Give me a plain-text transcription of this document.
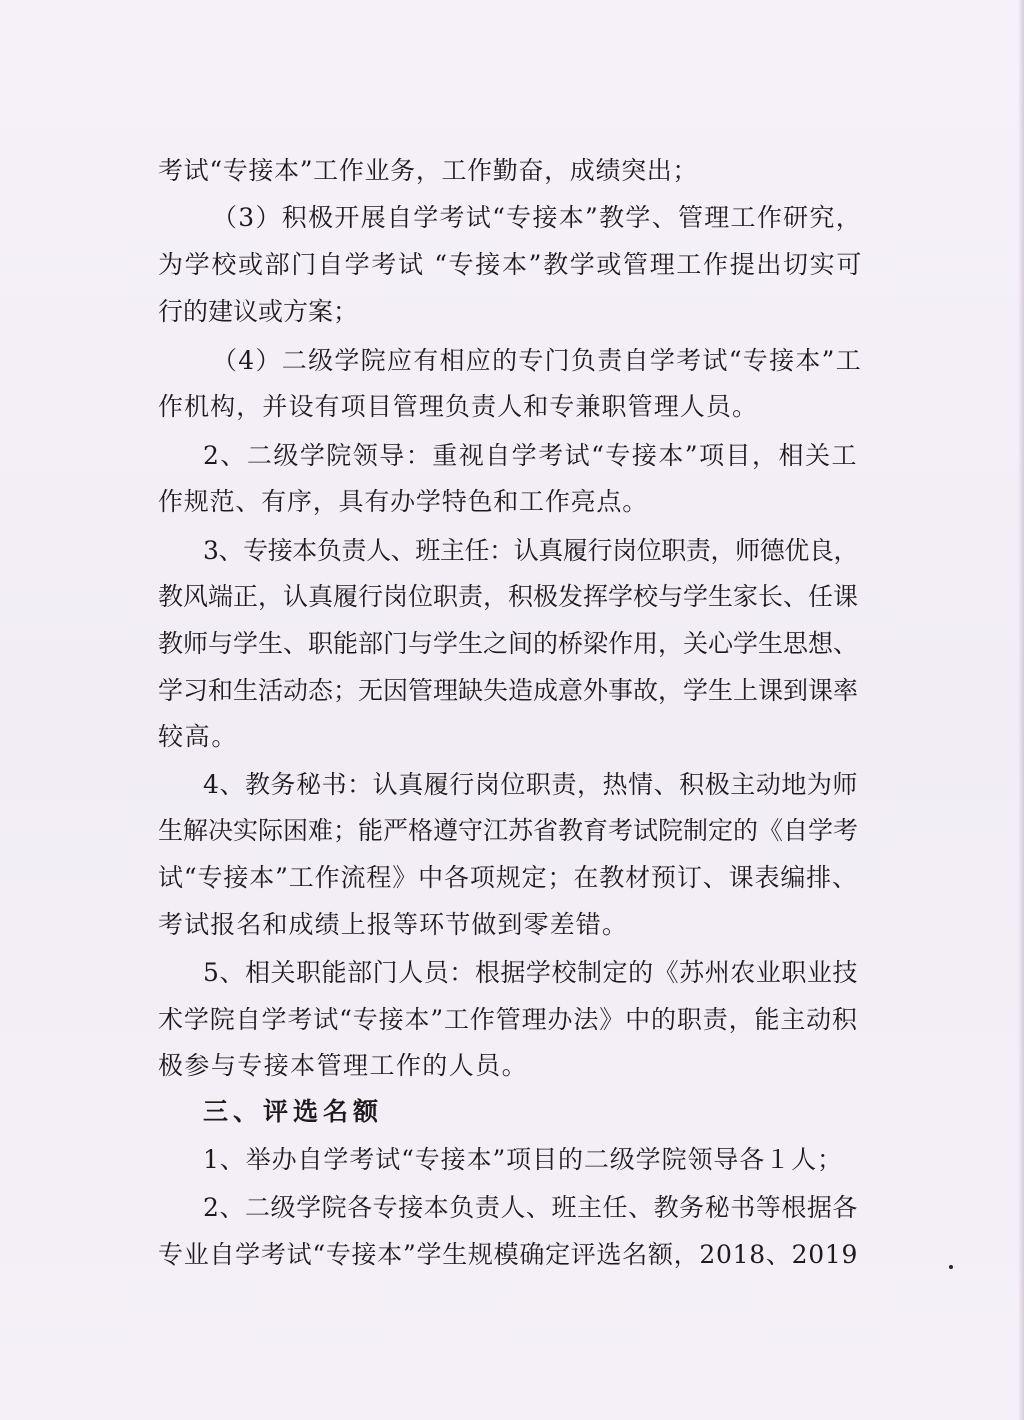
考试“专接本”工作业务，工作勤奋，成绩突出；

（3）积极开展自学考试“专接本”教学、管理工作研究，

为学校或部门自学考试 “专接本”教学或管理工作提出切实可

行的建议或方案；

（4）二级学院应有相应的专门负责自学考试“专接本”工

作机构，并设有项目管理负责人和专兼职管理人员。

2、二级学院领导：重视自学考试“专接本”项目，相关工

作规范、有序，具有办学特色和工作亮点。

3、专接本负责人、班主任：认真履行岗位职责，师德优良，

教风端正，认真履行岗位职责，积极发挥学校与学生家长、任课

教师与学生、职能部门与学生之间的桥梁作用，关心学生思想、

学习和生活动态；无因管理缺失造成意外事故，学生上课到课率

较高。

4、教务秘书：认真履行岗位职责，热情、积极主动地为师

生解决实际困难；能严格遵守江苏省教育考试院制定的《自学考

试“专接本”工作流程》中各项规定；在教材预订、课表编排、

考试报名和成绩上报等环节做到零差错。

5、相关职能部门人员：根据学校制定的《苏州农业职业技

术学院自学考试“专接本”工作管理办法》中的职责，能主动积

极参与专接本管理工作的人员。

三、评选名额

1、举办自学考试“专接本”项目的二级学院领导各１人；

2、二级学院各专接本负责人、班主任、教务秘书等根据各

专业自学考试“专接本”学生规模确定评选名额，2018、2019
